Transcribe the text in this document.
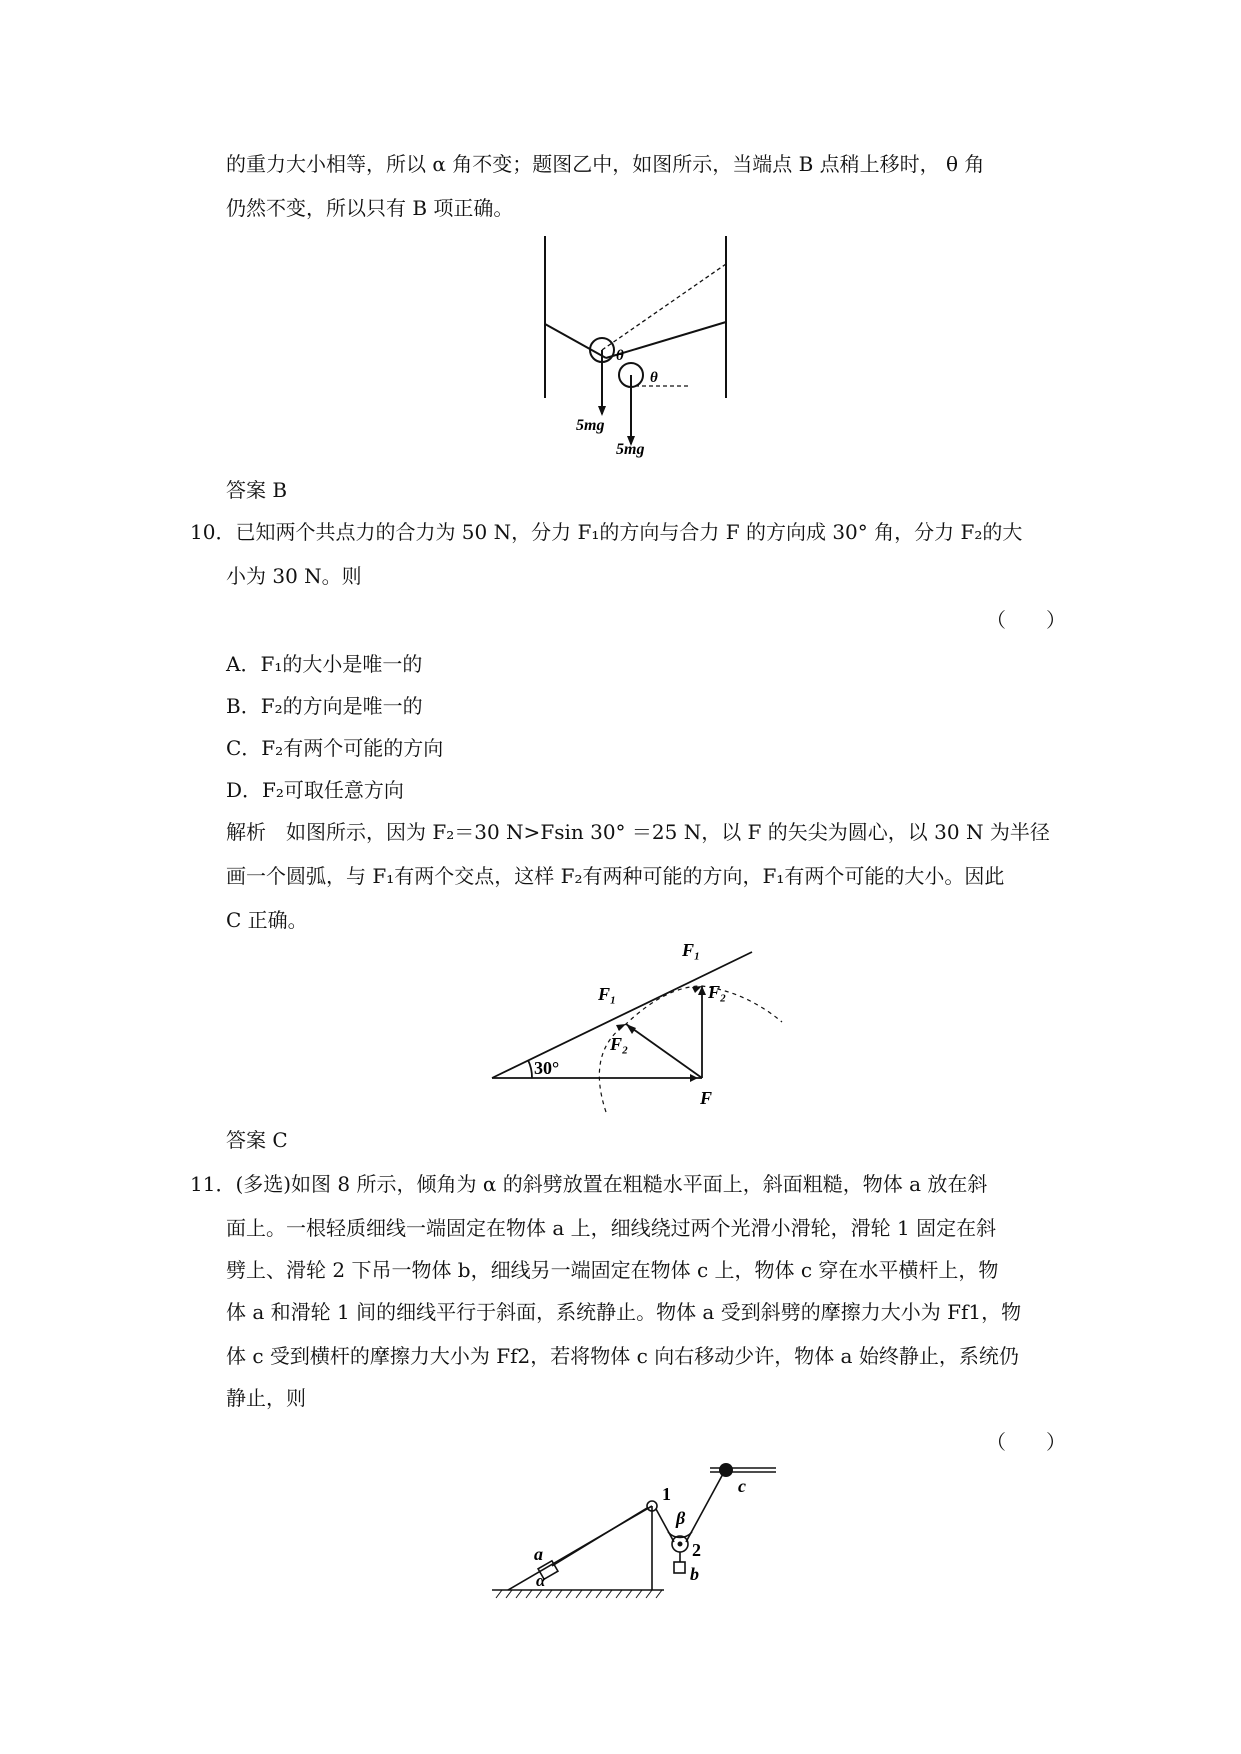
的重力大小相等，所以 α 角不变；题图乙中，如图所示，当端点 B 点稍上移时， θ 角
仍然不变，所以只有 B 项正确。
θ
θ
5mg
5mg
答案 B
10．已知两个共点力的合力为 50 N，分力 F₁的方向与合力 F 的方向成 30° 角，分力 F₂的大
小为 30 N。则
（　　）
A．F₁的大小是唯一的
B．F₂的方向是唯一的
C．F₂有两个可能的方向
D．F₂可取任意方向
解析　如图所示，因为 F₂＝30 N>Fsin 30° ＝25 N，以 F 的矢尖为圆心，以 30 N 为半径
画一个圆弧，与 F₁有两个交点，这样 F₂有两种可能的方向，F₁有两个可能的大小。因此
C 正确。
F₁
F₁	F₂
F₂
30°
F
答案 C
11．(多选)如图 8 所示，倾角为 α 的斜劈放置在粗糙水平面上，斜面粗糙，物体 a 放在斜
面上。一根轻质细线一端固定在物体 a 上，细线绕过两个光滑小滑轮，滑轮 1 固定在斜
劈上、滑轮 2 下吊一物体 b，细线另一端固定在物体 c 上，物体 c 穿在水平横杆上，物
体 a 和滑轮 1 间的细线平行于斜面，系统静止。物体 a 受到斜劈的摩擦力大小为 Ff1，物
体 c 受到横杆的摩擦力大小为 Ff2，若将物体 c 向右移动少许，物体 a 始终静止，系统仍
静止，则
（　　）
a
α
1
β
2
b
c
